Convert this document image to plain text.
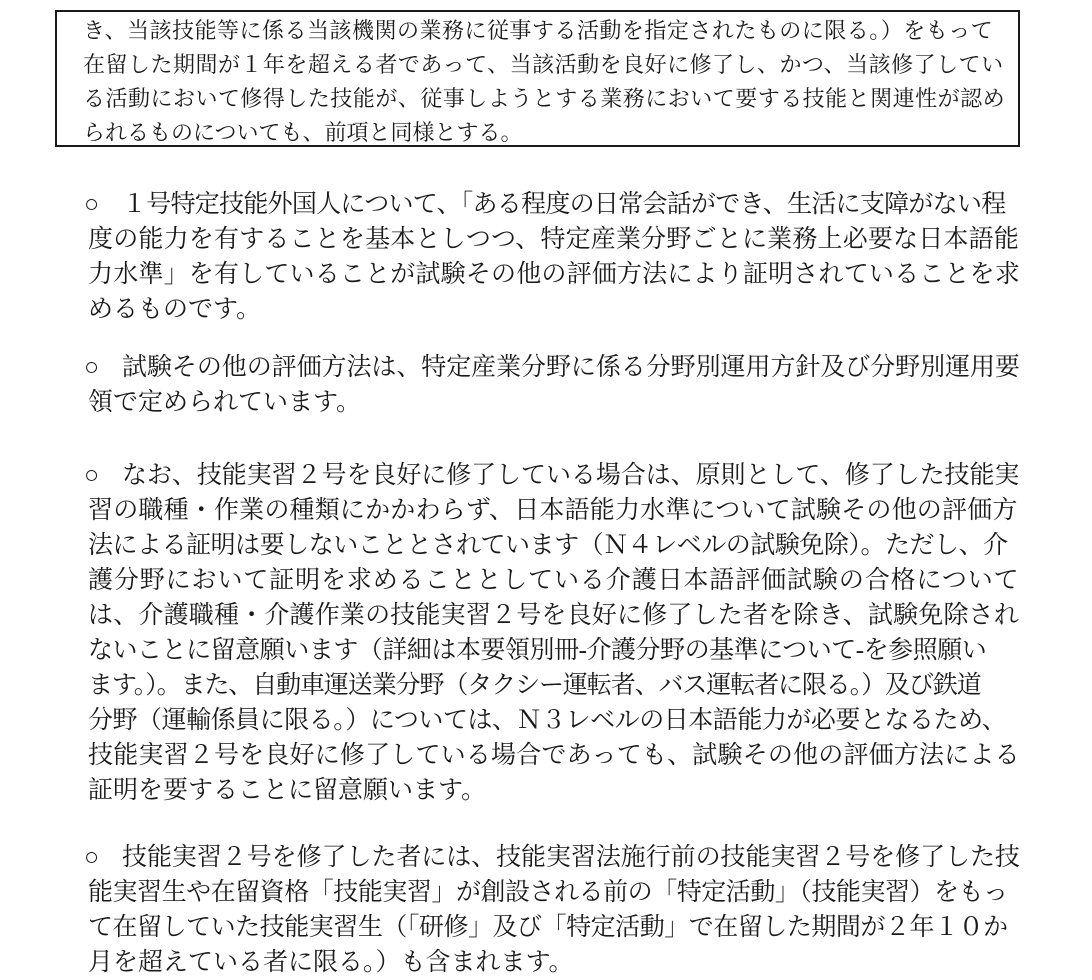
き、当該技能等に係る当該機関の業務に従事する活動を指定されたものに限る。）をもって
在留した期間が１年を超える者であって、当該活動を良好に修了し、かつ、当該修了してい
る活動において修得した技能が、従事しようとする業務において要する技能と関連性が認め
られるものについても、前項と同様とする。
○ １号特定技能外国人について、「ある程度の日常会話ができ、生活に支障がない程
度の能力を有することを基本としつつ、特定産業分野ごとに業務上必要な日本語能
力水準」を有していることが試験その他の評価方法により証明されていることを求
めるものです。
○ 試験その他の評価方法は、特定産業分野に係る分野別運用方針及び分野別運用要
領で定められています。
○ なお、技能実習２号を良好に修了している場合は、原則として、修了した技能実
習の職種・作業の種類にかかわらず、日本語能力水準について試験その他の評価方
法による証明は要しないこととされています（Ｎ４レベルの試験免除）。ただし、介
護分野において証明を求めることとしている介護日本語評価試験の合格について
は、介護職種・介護作業の技能実習２号を良好に修了した者を除き、試験免除され
ないことに留意願います（詳細は本要領別冊-介護分野の基準について-を参照願い
ます。）。また、自動車運送業分野（タクシー運転者、バス運転者に限る。）及び鉄道
分野（運輸係員に限る。）については、Ｎ３レベルの日本語能力が必要となるため、
技能実習２号を良好に修了している場合であっても、試験その他の評価方法による
証明を要することに留意願います。
○ 技能実習２号を修了した者には、技能実習法施行前の技能実習２号を修了した技
能実習生や在留資格「技能実習」が創設される前の「特定活動」（技能実習）をもっ
て在留していた技能実習生（「研修」及び「特定活動」で在留した期間が２年１０か
月を超えている者に限る。）も含まれます。
